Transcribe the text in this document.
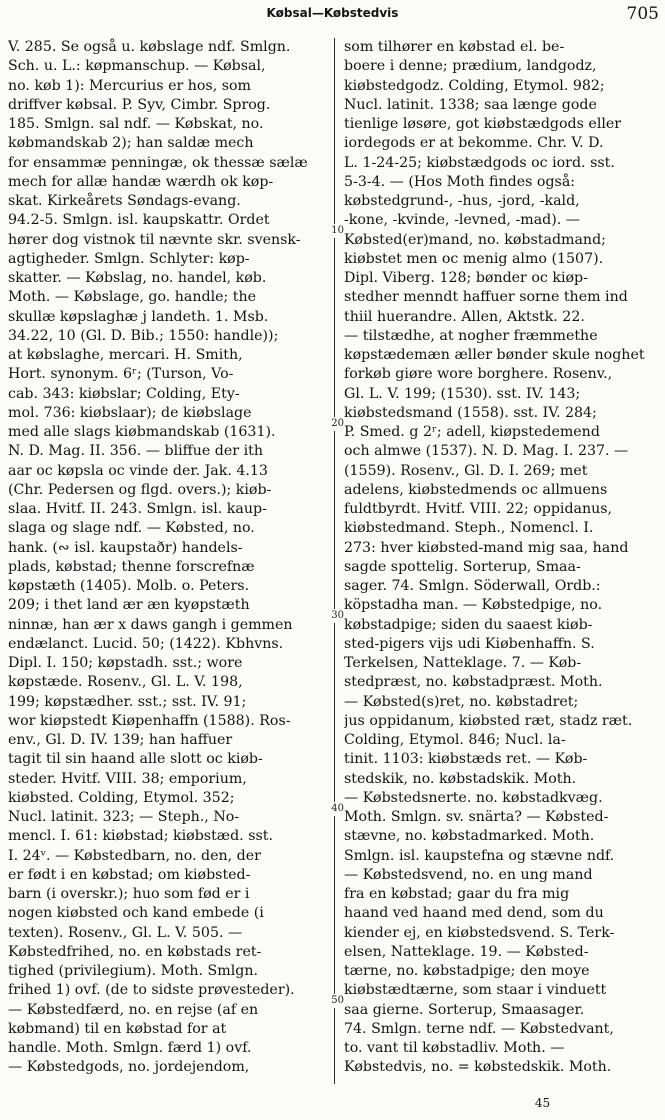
Købsal—Købstedvis	705
V. 285. Se også u. købslage ndf. Smlgn.
Sch. u. L.: køpmanschup. — Købsal,
no. køb 1): Mercurius er hos, som
driffver købsal. P. Syv, Cimbr. Sprog.
185. Smlgn. sal ndf. — Købskat, no.
købmandskab 2); han saldæ mech
for ensammæ penningæ, ok thessæ sælæ
mech for allæ handæ wærdh ok køp-
skat. Kirkeårets Søndags-evang.
94.2-5. Smlgn. isl. kaupskattr. Ordet
hører dog vistnok til nævnte skr. svensk-
agtigheder. Smlgn. Schlyter: køp-
skatter. — Købslag, no. handel, køb.
Moth. — Købslage, go. handle; the
skullæ køpslaghæ j landeth. 1. Msb.
34.22, 10 (Gl. D. Bib.; 1550: handle));
at købslaghe, mercari. H. Smith,
Hort. synonym. 6ʳ; (Turson, Vo-
cab. 343: kiøbslar; Colding, Ety-
mol. 736: kiøbslaar); de kiøbslage
med alle slags kiøbmandskab (1631).
N. D. Mag. II. 356. — bliffue der ith
aar oc køpsla oc vinde der. Jak. 4.13
(Chr. Pedersen og flgd. overs.); kiøb-
slaa. Hvitf. II. 243. Smlgn. isl. kaup-
slaga og slage ndf. — Købsted, no.
hank. (∾ isl. kaupstaðr) handels-
plads, købstad; thenne forscrefnæ
køpstæth (1405). Molb. o. Peters.
209; i thet land ær æn kyøpstæth
ninnæ, han ær x daws gangh i gemmen
endælanct. Lucid. 50; (1422). Kbhvns.
Dipl. I. 150; køpstadh. sst.; wore
køpstæde. Rosenv., Gl. L. V. 198,
199; køpstædher. sst.; sst. IV. 91;
wor kiøpstedt Kiøpenhaffn (1588). Ros-
env., Gl. D. IV. 139; han haffuer
tagit til sin haand alle slott oc kiøb-
steder. Hvitf. VIII. 38; emporium,
kiøbsted. Colding, Etymol. 352;
Nucl. latinit. 323; — Steph., No-
mencl. I. 61: kiøbstad; kiøbstæd. sst.
I. 24ᵛ. — Købstedbarn, no. den, der
er født i en købstad; om kiøbsted-
barn (i overskr.); huo som fød er i
nogen kiøbsted och kand embede (i
texten). Rosenv., Gl. L. V. 505. —
Købstedfrihed, no. en købstads ret-
tighed (privilegium). Moth. Smlgn.
frihed 1) ovf. (de to sidste prøvesteder).
— Købstedfærd, no. en rejse (af en
købmand) til en købstad for at
handle. Moth. Smlgn. færd 1) ovf.
— Købstedgods, no. jordejendom,
10
20
30
40
50
som tilhører en købstad el. be-
boere i denne; prædium, landgodz,
kiøbstedgodz. Colding, Etymol. 982;
Nucl. latinit. 1338; saa længe gode
tienlige løsøre, got kiøbstædgods eller
iordegods er at bekomme. Chr. V. D.
L. 1-24-25; kiøbstædgods oc iord. sst.
5-3-4. — (Hos Moth findes også:
købstedgrund-, -hus, -jord, -kald,
-kone, -kvinde, -levned, -mad). —
Købsted(er)mand, no. købstadmand;
kiøbstet men oc menig almo (1507).
Dipl. Viberg. 128; bønder oc kiøp-
stedher menndt haffuer sorne them ind
thiil huerandre. Allen, Aktstk. 22.
— tilstædhe, at nogher fræmmethe
køpstædemæn æller bønder skule noghet
forkøb giøre wore borghere. Rosenv.,
Gl. L. V. 199; (1530). sst. IV. 143;
kiøbstedsmand (1558). sst. IV. 284;
P. Smed. g 2ʳ; adell, kiøpstedemend
och almwe (1537). N. D. Mag. I. 237. —
(1559). Rosenv., Gl. D. I. 269; met
adelens, kiøbstedmends oc allmuens
fuldtbyrdt. Hvitf. VIII. 22; oppidanus,
kiøbstedmand. Steph., Nomencl. I.
273: hver kiøbsted-mand mig saa, hand
sagde spottelig. Sorterup, Smaa-
sager. 74. Smlgn. Söderwall, Ordb.:
köpstadha man. — Købstedpige, no.
købstadpige; siden du saaest kiøb-
sted-pigers vijs udi Kiøbenhaffn. S.
Terkelsen, Natteklage. 7. — Køb-
stedpræst, no. købstadpræst. Moth.
— Købsted(s)ret, no. købstadret;
jus oppidanum, kiøbsted ræt, stadz ræt.
Colding, Etymol. 846; Nucl. la-
tinit. 1103: kiøbstæds ret. — Køb-
stedskik, no. købstadskik. Moth.
— Købstedsnerte. no. købstadkvæg.
Moth. Smlgn. sv. snärta? — Købsted-
stævne, no. købstadmarked. Moth.
Smlgn. isl. kaupstefna og stævne ndf.
— Købstedsvend, no. en ung mand
fra en købstad; gaar du fra mig
haand ved haand med dend, som du
kiender ej, en kiøbstedsvend. S. Terk-
elsen, Natteklage. 19. — Købsted-
tærne, no. købstadpige; den moye
kiøbstædtærne, som staar i vinduett
saa gierne. Sorterup, Smaasager.
74. Smlgn. terne ndf. — Købstedvant,
to. vant til købstadliv. Moth. —
Købstedvis, no. = købstedskik. Moth.
45
